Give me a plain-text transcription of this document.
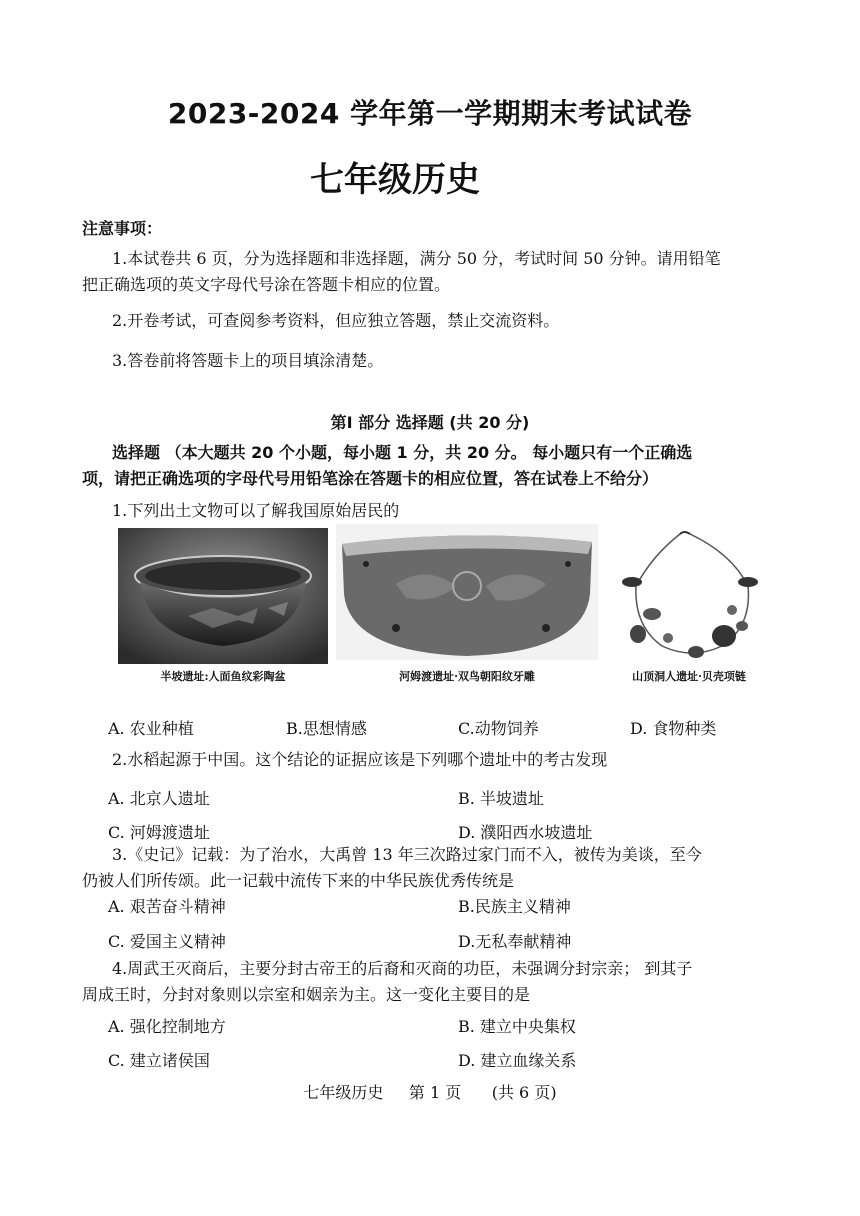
2023-2024 学年第一学期期末考试试卷
七年级历史
注意事项：
1.本试卷共 6 页，分为选择题和非选择题，满分 50 分，考试时间 50 分钟。请用铅笔
把正确选项的英文字母代号涂在答题卡相应的位置。
2.开卷考试，可查阅参考资料，但应独立答题，禁止交流资料。
3.答卷前将答题卡上的项目填涂清楚。
第Ⅰ 部分 选择题 (共 20 分)
选择题 （本大题共 20 个小题，每小题 1 分，共 20 分。 每小题只有一个正确选
项，请把正确选项的字母代号用铅笔涂在答题卡的相应位置，答在试卷上不给分）
1.下列出土文物可以了解我国原始居民的
半坡遗址:人面鱼纹彩陶盆	河姆渡遗址·双鸟朝阳纹牙雕	山顶洞人遗址·贝壳项链
A. 农业种植	B.思想情感	C.动物饲养	D. 食物种类
2.水稻起源于中国。这个结论的证据应该是下列哪个遗址中的考古发现
A. 北京人遗址	B. 半坡遗址
C. 河姆渡遗址	D. 濮阳西水坡遗址
3.《史记》记载：为了治水，大禹曾 13 年三次路过家门而不入，被传为美谈，至今
仍被人们所传颂。此一记载中流传下来的中华民族优秀传统是
A. 艰苦奋斗精神	B.民族主义精神
C. 爱国主义精神	D.无私奉献精神
4.周武王灭商后，主要分封古帝王的后裔和灭商的功臣，未强调分封宗亲； 到其子
周成王时，分封对象则以宗室和姻亲为主。这一变化主要目的是
A. 强化控制地方	B. 建立中央集权
C. 建立诸侯国	D. 建立血缘关系
七年级历史     第 1 页      (共 6 页)
